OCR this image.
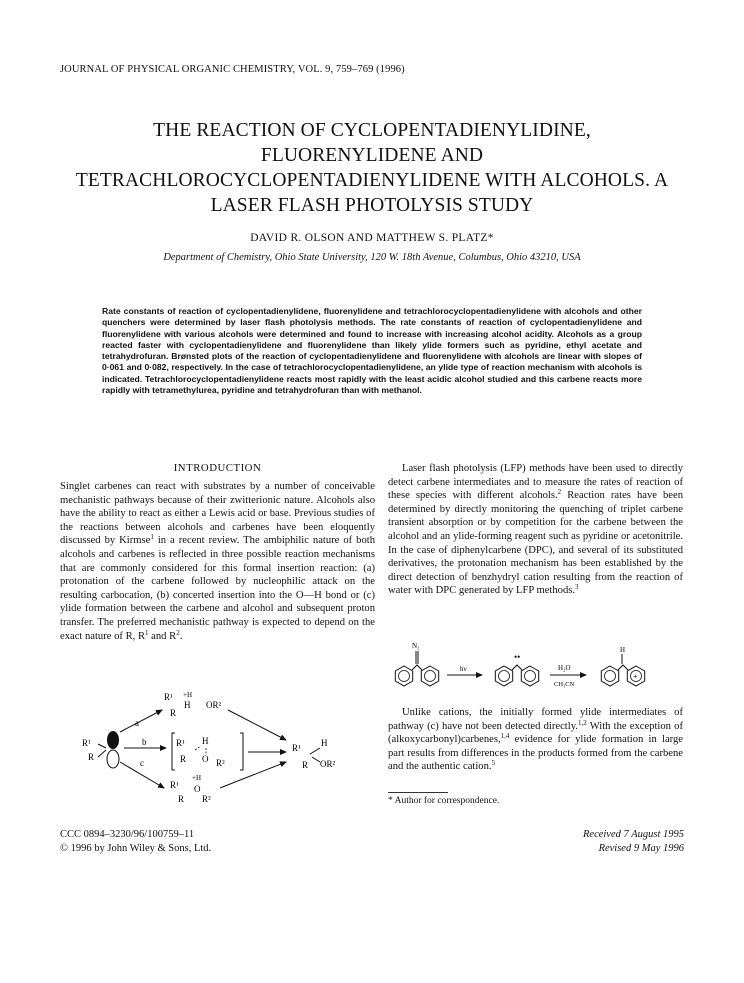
JOURNAL OF PHYSICAL ORGANIC CHEMISTRY, VOL. 9, 759–769 (1996)
THE REACTION OF CYCLOPENTADIENYLIDINE,
FLUORENYLIDENE AND
TETRACHLOROCYCLOPENTADIENYLIDENE WITH ALCOHOLS. A
LASER FLASH PHOTOLYSIS STUDY
DAVID R. OLSON AND MATTHEW S. PLATZ*
Department of Chemistry, Ohio State University, 120 W. 18th Avenue, Columbus, Ohio 43210, USA
Rate constants of reaction of cyclopentadienylidene, fluorenylidene and tetrachlorocyclopentadienylidene with alcohols and other quenchers were determined by laser flash photolysis methods. The rate constants of reaction of cyclopentadienylidene and fluorenylidene with various alcohols were determined and found to increase with increasing alcohol acidity. Alcohols as a group reacted faster with cyclopentadienylidene and fluorenylidene than likely ylide formers such as pyridine, ethyl acetate and tetrahydrofuran. Brønsted plots of the reaction of cyclopentadienylidene and fluorenylidene with alcohols are linear with slopes of 0·061 and 0·082, respectively. In the case of tetrachlorocyclopentadienylidene, an ylide type of reaction mechanism with alcohols is indicated. Tetrachlorocyclopentadienylidene reacts most rapidly with the least acidic alcohol studied and this carbene reacts more rapidly with tetramethylurea, pyridine and tetrahydrofuran than with methanol.
INTRODUCTION
Singlet carbenes can react with substrates by a number of conceivable mechanistic pathways because of their zwitterionic nature. Alcohols also have the ability to react as either a Lewis acid or base. Previous studies of the reactions between alcohols and carbenes have been eloquently discussed by Kirmse$^1$ in a recent review. The ambiphilic nature of both alcohols and carbenes is reflected in three possible reaction mechanisms that are commonly considered for this formal insertion reaction: (a) protonation of the carbene followed by nucleophilic attack on the resulting carbocation, (b) concerted insertion into the O—H bond or (c) ylide formation between the carbene and alcohol and subsequent proton transfer. The preferred mechanistic pathway is expected to depend on the exact nature of R, $R^1$ and $R^2$.
R¹
R
R¹ +H
H
R
OR²
a
b
c
R¹ H
R O R²
R¹
+H
O
R R²
R¹ H
R OR²
CCC 0894–3230/96/100759–11
© 1996 by John Wiley & Sons, Ltd.
Laser flash photolysis (LFP) methods have been used to directly detect carbene intermediates and to measure the rates of reaction of these species with different alcohols.$^2$ Reaction rates have been determined by directly monitoring the quenching of triplet carbene transient absorption or by competition for the carbene between the alcohol and an ylide-forming reagent such as pyridine or acetonitrile. In the case of diphenylcarbene (DPC), and several of its substituted derivatives, the protonation mechanism has been established by the direct detection of benzhydryl cation resulting from the reaction of water with DPC generated by LFP methods.$^3$
N₂
hν
••
H₂O
CH₃CN
H
+
Unlike cations, the initially formed ylide intermediates of pathway (c) have not been detected directly.$^{1,2}$ With the exception of (alkoxycarbonyl)carbenes,$^{1,4}$ evidence for ylide formation in large part results from differences in the products formed from the carbene and the authentic cation.$^5$
* Author for correspondence.
Received 7 August 1995
Revised 9 May 1996
